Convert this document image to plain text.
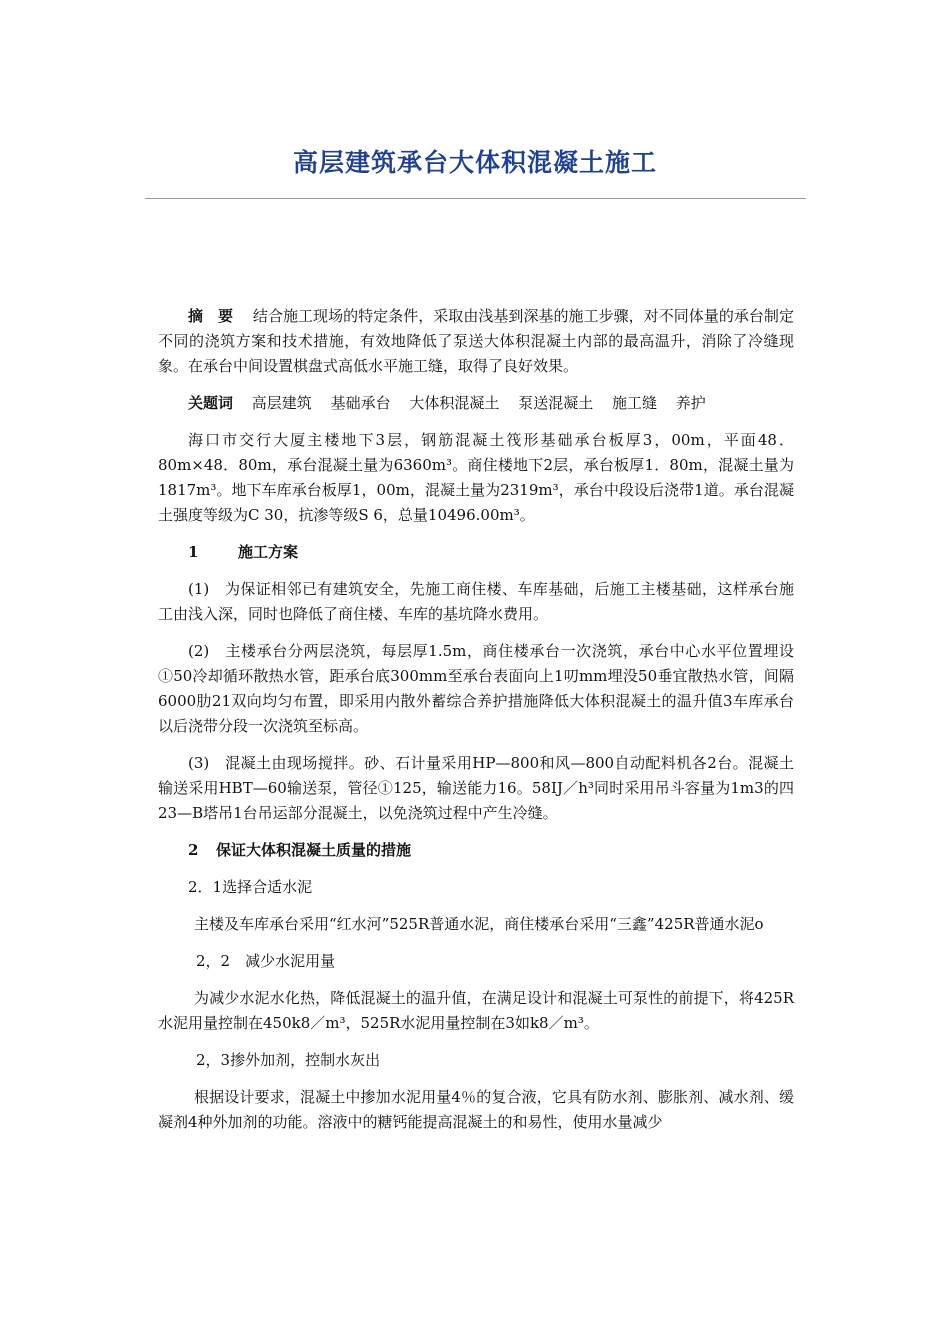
高层建筑承台大体积混凝土施工

摘　要　 结合施工现场的特定条件，采取由浅基到深基的施工步骤，对不同体量的承台制定不同的浇筑方案和技术措施，有效地降低了泵送大体积混凝土内部的最高温升，消除了冷缝现象。在承台中间设置棋盘式高低水平施工缝，取得了良好效果。

关题词 高层建筑 基础承台 大体积混凝土 泵送混凝土 施工缝 养护

海口市交行大厦主楼地下3层，钢筋混凝土筏形基础承台板厚3，00m，平面48．80m×48．80m，承台混凝土量为6360m³。商住楼地下2层，承台板厚1．80m，混凝土量为1817m³。地下车库承台板厚1，00m，混凝土量为2319m³，承台中段设后浇带1道。承台混凝土强度等级为C 30，抗渗等级S 6，总量10496.00m³。

1	施工方案

(1)　为保证相邻已有建筑安全，先施工商住楼、车库基础，后施工主楼基础，这样承台施工由浅入深，同时也降低了商住楼、车库的基坑降水费用。

(2)　主楼承台分两层浇筑，每层厚1.5m，商住楼承台一次浇筑，承台中心水平位置埋设①50冷却循环散热水管，距承台底300mm至承台表面向上1叨mm埋没50垂宜散热水管，间隔6000肋21双向均匀布置，即采用内散外蓄综合养护措施降低大体积混凝土的温升值3车库承台以后浇带分段一次浇筑至标高。

(3)　混凝土由现场搅拌。砂、石计量采用HP—800和风—800自动配料机各2台。混凝土输送采用HBT—60输送泵，管径①125，输送能力16。58IJ／h³同时采用吊斗容量为1m3的四23—B塔吊1台吊运部分混凝土，以免浇筑过程中产生冷缝。

2 保证大体积混凝土质量的措施

2．1选择合适水泥

主楼及车库承台采用“红水河”525R普通水泥，商住楼承台采用“三鑫”425R普通水泥o

2，2　减少水泥用量

为减少水泥水化热，降低混凝土的温升值，在满足设计和混凝土可泵性的前提下，将425R水泥用量控制在450k8／m³，525R水泥用量控制在3如k8／m³。

2，3掺外加剂，控制水灰出

根据设计要求，混凝土中掺加水泥用量4％的复合液，它具有防水剂、膨胀剂、减水剂、缓凝剂4种外加剂的功能。溶液中的糖钙能提高混凝土的和易性，使用水量减少
